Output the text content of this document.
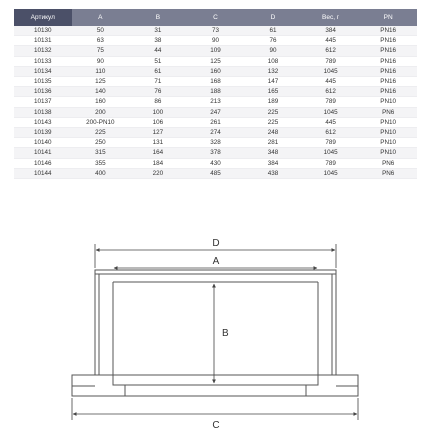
Артикул	A	B	C	D	Вес, г	PN
10130	50	31	73	61	384	PN16
10131	63	38	90	76	445	PN16
10132	75	44	109	90	612	PN16
10133	90	51	125	108	789	PN16
10134	110	61	160	132	1045	PN16
10135	125	71	168	147	445	PN16
10136	140	76	188	165	612	PN16
10137	160	86	213	189	789	PN10
10138	200	100	247	225	1045	PN6
10143	200-PN10	106	261	225	445	PN10
10139	225	127	274	248	612	PN10
10140	250	131	328	281	789	PN10
10141	315	164	378	348	1045	PN10
10146	355	184	430	384	789	PN6
10144	400	220	485	438	1045	PN6
D
A
B
C
